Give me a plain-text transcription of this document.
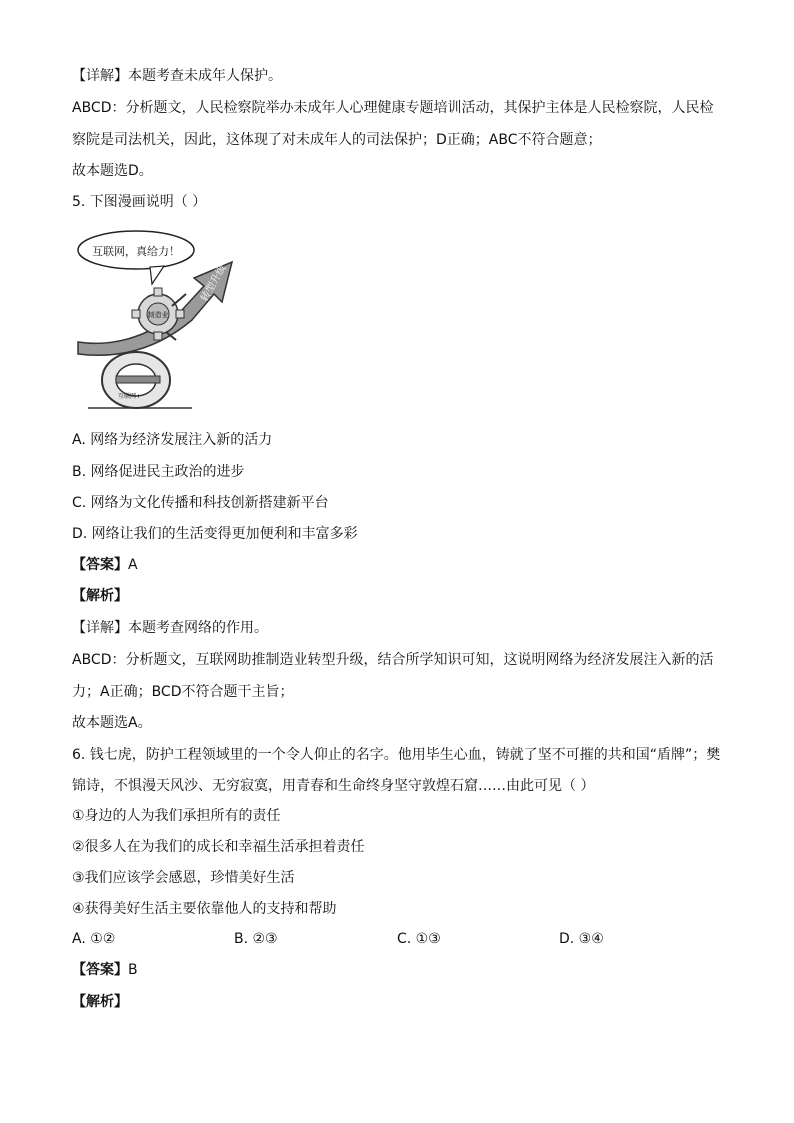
【详解】本题考查未成年人保护。
ABCD：分析题文，人民检察院举办未成年人心理健康专题培训活动，其保护主体是人民检察院，人民检
察院是司法机关，因此，这体现了对未成年人的司法保护；D正确；ABC不符合题意；
故本题选D。
5. 下图漫画说明（ ）
互联网，真给力！
转型升级
制造业
互联网+
A. 网络为经济发展注入新的活力
B. 网络促进民主政治的进步
C. 网络为文化传播和科技创新搭建新平台
D. 网络让我们的生活变得更加便利和丰富多彩
【答案】A
【解析】
【详解】本题考查网络的作用。
ABCD：分析题文，互联网助推制造业转型升级，结合所学知识可知，这说明网络为经济发展注入新的活
力；A正确；BCD不符合题干主旨；
故本题选A。
6. 钱七虎，防护工程领域里的一个令人仰止的名字。他用毕生心血，铸就了坚不可摧的共和国“盾牌”；樊
锦诗，不惧漫天风沙、无穷寂寞，用青春和生命终身坚守敦煌石窟……由此可见（ ）
①身边的人为我们承担所有的责任
②很多人在为我们的成长和幸福生活承担着责任
③我们应该学会感恩，珍惜美好生活
④获得美好生活主要依靠他人的支持和帮助
A. ①②	B. ②③	C. ①③	D. ③④
【答案】B
【解析】
